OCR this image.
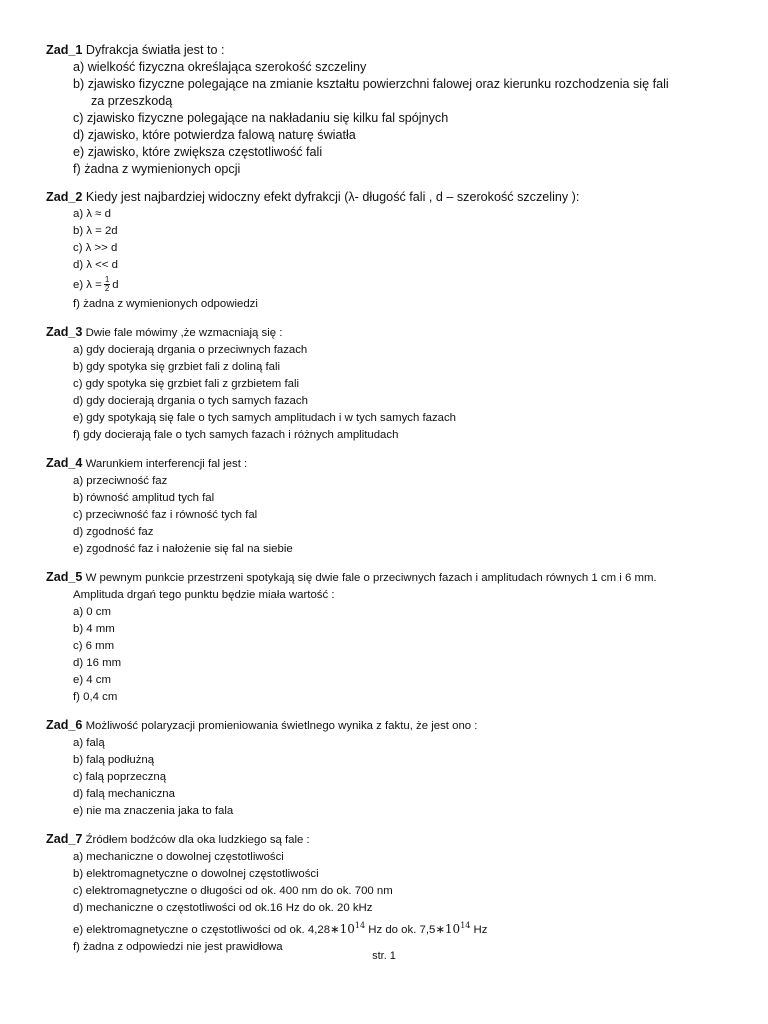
Zad_1 Dyfrakcja światła jest to :
a) wielkość fizyczna określająca szerokość szczeliny
b) zjawisko fizyczne polegające na zmianie kształtu powierzchni falowej oraz kierunku rozchodzenia się fali
za przeszkodą
c) zjawisko fizyczne polegające na nakładaniu się kilku fal spójnych
d) zjawisko, które potwierdza falową naturę światła
e) zjawisko, które zwiększa częstotliwość fali
f) żadna z wymienionych opcji
Zad_2 Kiedy jest najbardziej widoczny efekt dyfrakcji (λ- długość fali , d – szerokość szczeliny ):
a) λ ≈ d
b) λ = 2d
c) λ >> d
d) λ << d
e) $\lambda = \frac{1}{2}$ d
f) żadna z wymienionych odpowiedzi
Zad_3 Dwie fale mówimy ,że wzmacniają się :
a) gdy docierają drgania o przeciwnych fazach
b) gdy spotyka się grzbiet fali z doliną fali
c) gdy spotyka się grzbiet fali z grzbietem fali
d) gdy docierają drgania o tych samych fazach
e) gdy spotykają się fale o tych samych amplitudach i w tych samych fazach
f) gdy docierają fale o tych samych fazach i różnych amplitudach
Zad_4 Warunkiem interferencji fal jest :
a) przeciwność faz
b) równość amplitud tych fal
c) przeciwność faz i równość tych fal
d) zgodność faz
e) zgodność faz i nałożenie się fal na siebie
Zad_5 W pewnym punkcie przestrzeni spotykają się dwie fale o przeciwnych fazach i amplitudach równych 1 cm i 6 mm.
Amplituda drgań tego punktu będzie miała wartość :
a) 0 cm
b) 4 mm
c) 6 mm
d) 16 mm
e) 4 cm
f) 0,4 cm
Zad_6 Możliwość polaryzacji promieniowania świetlnego wynika z faktu, że jest ono :
a) falą
b) falą podłużną
c) falą poprzeczną
d) falą mechaniczna
e) nie ma znaczenia jaka to fala
Zad_7 Źródłem bodźców dla oka ludzkiego są fale :
a) mechaniczne o dowolnej częstotliwości
b) elektromagnetyczne o dowolnej częstotliwości
c) elektromagnetyczne o długości od ok. 400 nm do ok. 700 nm
d) mechaniczne o częstotliwości od ok.16 Hz do ok. 20 kHz
e) elektromagnetyczne o częstotliwości od ok. $4,28∗10^{14}$ Hz do ok. $7,5∗10^{14}$ Hz
f) żadna z odpowiedzi nie jest prawidłowa
str. 1
